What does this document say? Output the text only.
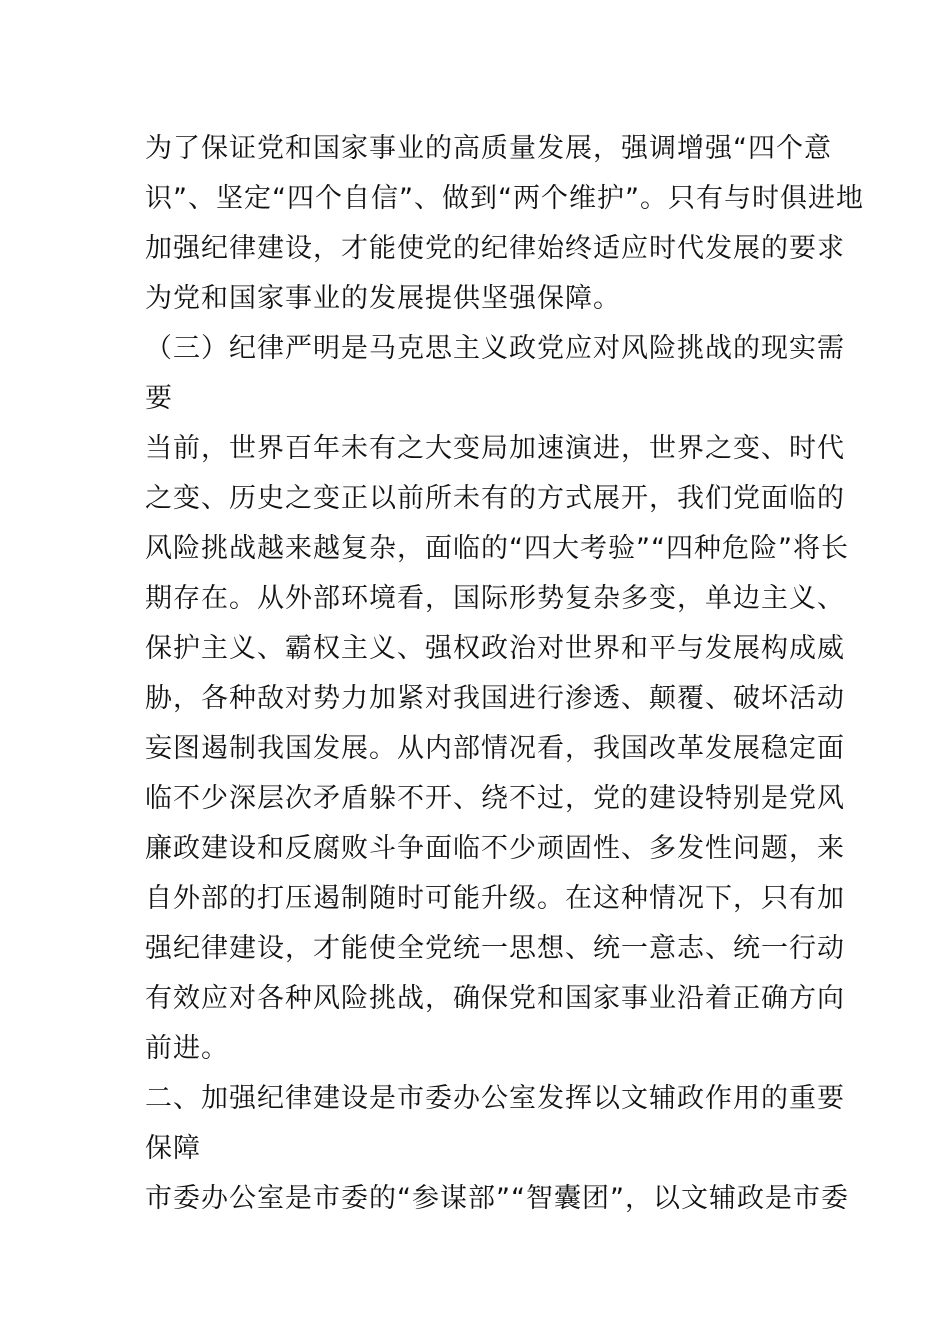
为了保证党和国家事业的高质量发展，强调增强“四个意
识”、坚定“四个自信”、做到“两个维护”。只有与时俱进地
加强纪律建设，才能使党的纪律始终适应时代发展的要求
为党和国家事业的发展提供坚强保障。
（三）纪律严明是马克思主义政党应对风险挑战的现实需
要
当前，世界百年未有之大变局加速演进，世界之变、时代
之变、历史之变正以前所未有的方式展开，我们党面临的
风险挑战越来越复杂，面临的“四大考验”“四种危险”将长
期存在。从外部环境看，国际形势复杂多变，单边主义、
保护主义、霸权主义、强权政治对世界和平与发展构成威
胁，各种敌对势力加紧对我国进行渗透、颠覆、破坏活动
妄图遏制我国发展。从内部情况看，我国改革发展稳定面
临不少深层次矛盾躲不开、绕不过，党的建设特别是党风
廉政建设和反腐败斗争面临不少顽固性、多发性问题，来
自外部的打压遏制随时可能升级。在这种情况下，只有加
强纪律建设，才能使全党统一思想、统一意志、统一行动
有效应对各种风险挑战，确保党和国家事业沿着正确方向
前进。
二、加强纪律建设是市委办公室发挥以文辅政作用的重要
保障
市委办公室是市委的“参谋部”“智囊团”，以文辅政是市委
